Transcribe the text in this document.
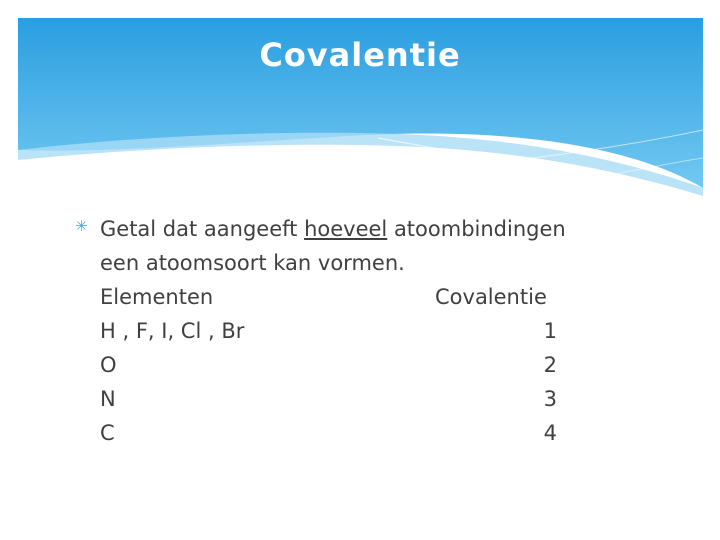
Covalentie
✳ Getal dat aangeeft hoeveel atoombindingen
een atoomsoort kan vormen.
Elementen	Covalentie
H , F, I, Cl , Br	1
O	2
N	3
C	4
